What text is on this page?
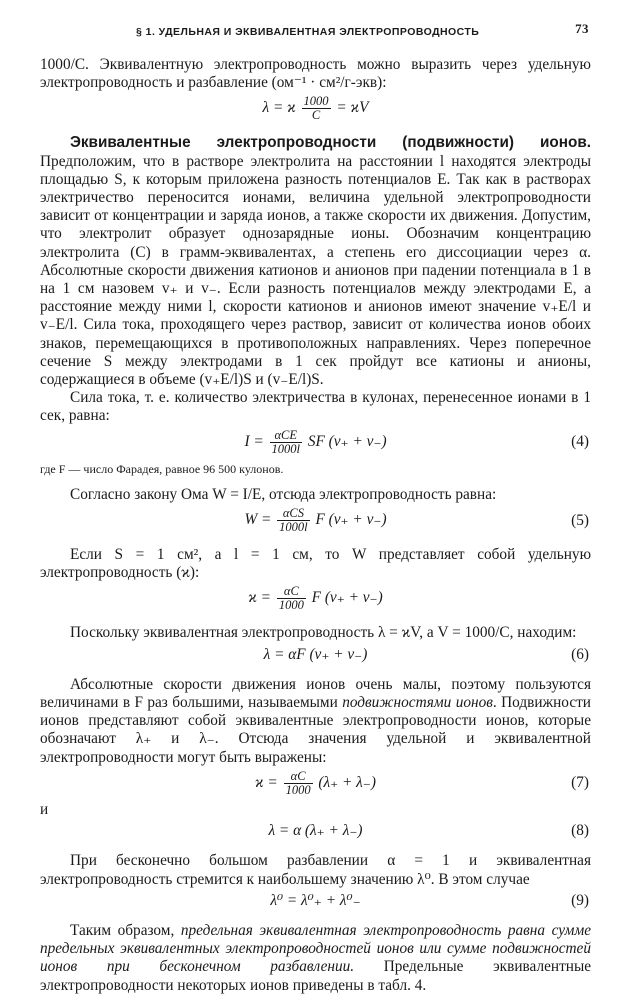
§ 1. УДЕЛЬНАЯ И ЭКВИВАЛЕНТНАЯ ЭЛЕКТРОПРОВОДНОСТЬ	73

1000/C. Эквивалентную электропроводность можно выразить через удельную электропроводность и разбавление (ом⁻¹ · см²/г-экв):

λ = ϰ $\frac{1000}{C} = ϰV$

Эквивалентные электропроводности (подвижности) ионов. Предположим, что в растворе электролита на расстоянии l находятся электроды площадью S, к которым приложена разность потенциалов E. Так как в растворах электричество переносится ионами, величина удельной электропроводности зависит от концентрации и заряда ионов, а также скорости их движения. Допустим, что электролит образует однозарядные ионы. Обозначим концентрацию электролита (C) в грамм-эквивалентах, а степень его диссоциации через α. Абсолютные скорости движения катионов и анионов при падении потенциала в 1 в на 1 см назовем v₊ и v₋. Если разность потенциалов между электродами E, а расстояние между ними l, скорости катионов и анионов имеют значение v₊E/l и v₋E/l. Сила тока, проходящего через раствор, зависит от количества ионов обоих знаков, перемещающихся в противоположных направлениях. Через поперечное сечение S между электродами в 1 сек пройдут все катионы и анионы, содержащиеся в объеме (v₊E/l)S и (v₋E/l)S.

Сила тока, т. е. количество электричества в кулонах, перенесенное ионами в 1 сек, равна:

$I = \frac{\text{αCE}}{1000l}$ SF (v₊ + v₋)	(4)

где F — число Фарадея, равное 96 500 кулонов.

Согласно закону Ома W = I/E, отсюда электропроводность равна:

$W = \frac{\text{αCS}}{1000l}$ F (v₊ + v₋)	(5)

Если S = 1 см², а l = 1 см, то W представляет собой удельную электропроводность (ϰ):

$ϰ = \frac{\alpha C}{1000}$ F (v₊ + v₋)

Поскольку эквивалентная электропроводность λ = ϰV, а V = 1000/C, находим:

λ = αF (v₊ + v₋)	(6)

Абсолютные скорости движения ионов очень малы, поэтому пользуются величинами в F раз большими, называемыми подвижностями ионов. Подвижности ионов представляют собой эквивалентные электропроводности ионов, которые обозначают λ₊ и λ₋. Отсюда значения удельной и эквивалентной электропроводности могут быть выражены:

$ϰ = \frac{\alpha C}{1000} (\lambda_+ + \lambda_-)$	(7)

и

λ = α (λ₊ + λ₋)	(8)

При бесконечно большом разбавлении α = 1 и эквивалентная электропроводность стремится к наибольшему значению λ⁰. В этом случае

λ⁰ = λ⁰₊ + λ⁰₋	(9)

Таким образом, предельная эквивалентная электропроводность равна сумме предельных эквивалентных электропроводностей ионов или сумме подвижностей ионов при бесконечном разбавлении. Предельные эквивалентные электропроводности некоторых ионов приведены в табл. 4.
